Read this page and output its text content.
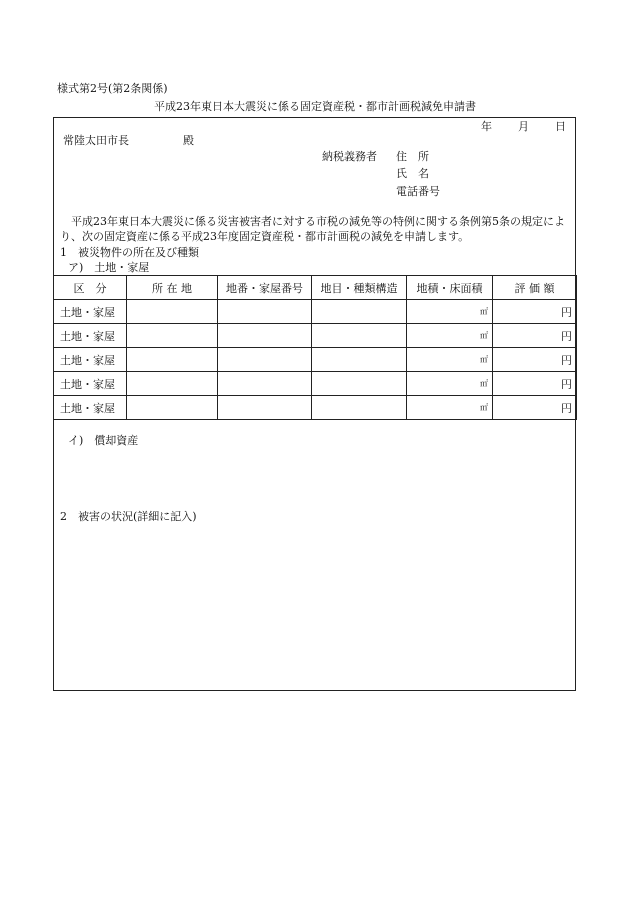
様式第2号(第2条関係)
平成23年東日本大震災に係る固定資産税・都市計画税減免申請書
年 月 日
常陸太田市長	殿
納税義務者 住　所
氏　名
電話番号
平成23年東日本大震災に係る災害被害者に対する市税の減免等の特例に関する条例第5条の規定により、次の固定資産に係る平成23年度固定資産税・都市計画税の減免を申請します。
1　被災物件の所在及び種類
ア)　土地・家屋
区　分	所 在 地	地番・家屋番号	地目・種類構造	地積・床面積	評 価 額
土地・家屋				㎡	円
土地・家屋				㎡	円
土地・家屋				㎡	円
土地・家屋				㎡	円
土地・家屋				㎡	円
イ)　償却資産
2　被害の状況(詳細に記入)
